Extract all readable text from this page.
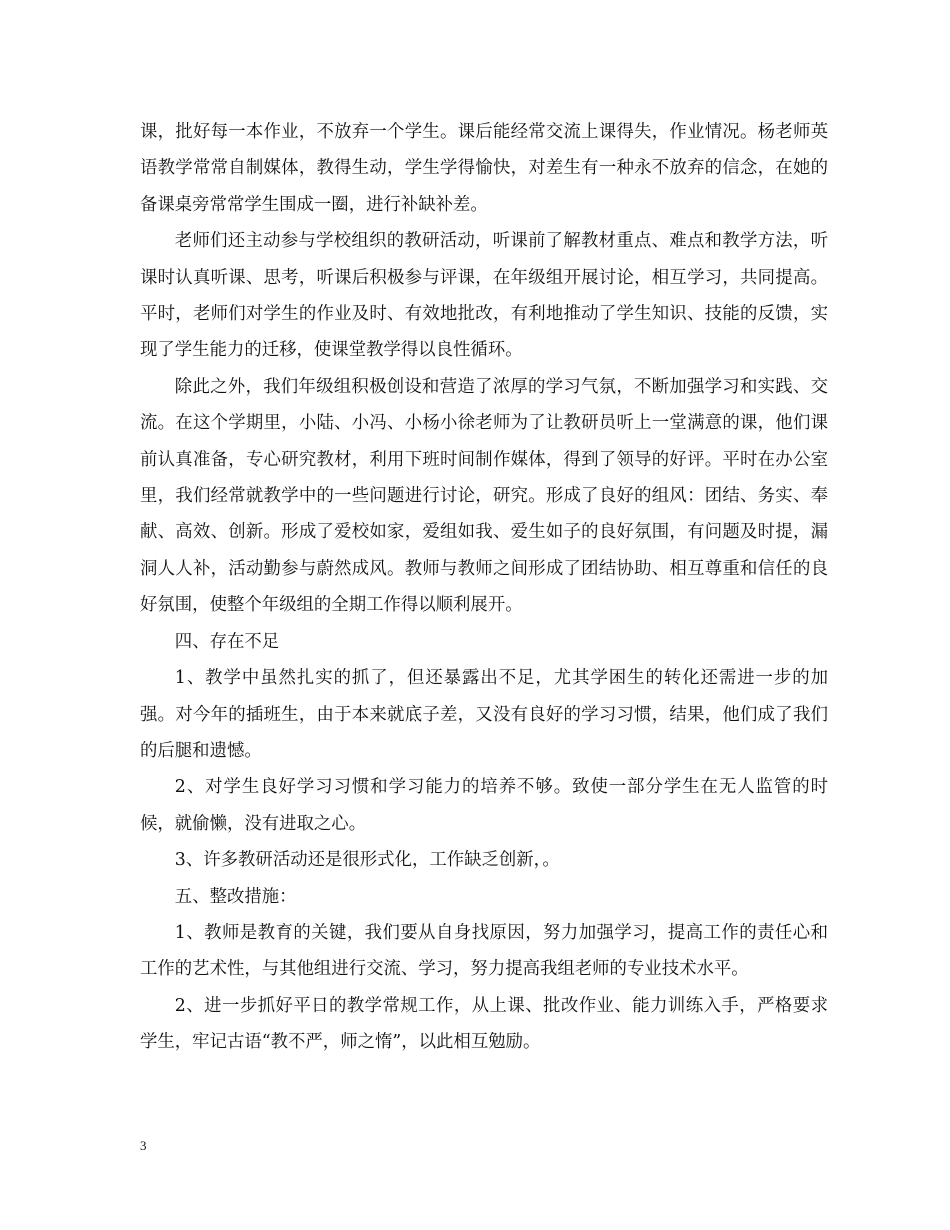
课，批好每一本作业，不放弃一个学生。课后能经常交流上课得失，作业情况。杨老师英语教学常常自制媒体，教得生动，学生学得愉快，对差生有一种永不放弃的信念，在她的备课桌旁常常学生围成一圈，进行补缺补差。

老师们还主动参与学校组织的教研活动，听课前了解教材重点、难点和教学方法，听课时认真听课、思考，听课后积极参与评课，在年级组开展讨论，相互学习，共同提高。平时，老师们对学生的作业及时、有效地批改，有利地推动了学生知识、技能的反馈，实现了学生能力的迁移，使课堂教学得以良性循环。

除此之外，我们年级组积极创设和营造了浓厚的学习气氛，不断加强学习和实践、交流。在这个学期里，小陆、小冯、小杨小徐老师为了让教研员听上一堂满意的课，他们课前认真准备，专心研究教材，利用下班时间制作媒体，得到了领导的好评。平时在办公室里，我们经常就教学中的一些问题进行讨论，研究。形成了良好的组风：团结、务实、奉献、高效、创新。形成了爱校如家，爱组如我、爱生如子的良好氛围，有问题及时提，漏洞人人补，活动勤参与蔚然成风。教师与教师之间形成了团结协助、相互尊重和信任的良好氛围，使整个年级组的全期工作得以顺利展开。

四、存在不足

1、教学中虽然扎实的抓了，但还暴露出不足，尤其学困生的转化还需进一步的加强。对今年的插班生，由于本来就底子差，又没有良好的学习习惯，结果，他们成了我们的后腿和遗憾。

2、对学生良好学习习惯和学习能力的培养不够。致使一部分学生在无人监管的时候，就偷懒，没有进取之心。

3、许多教研活动还是很形式化，工作缺乏创新，。

五、整改措施：

1、教师是教育的关键，我们要从自身找原因，努力加强学习，提高工作的责任心和工作的艺术性，与其他组进行交流、学习，努力提高我组老师的专业技术水平。

2、进一步抓好平日的教学常规工作，从上课、批改作业、能力训练入手，严格要求学生，牢记古语“教不严，师之惰”，以此相互勉励。

3
